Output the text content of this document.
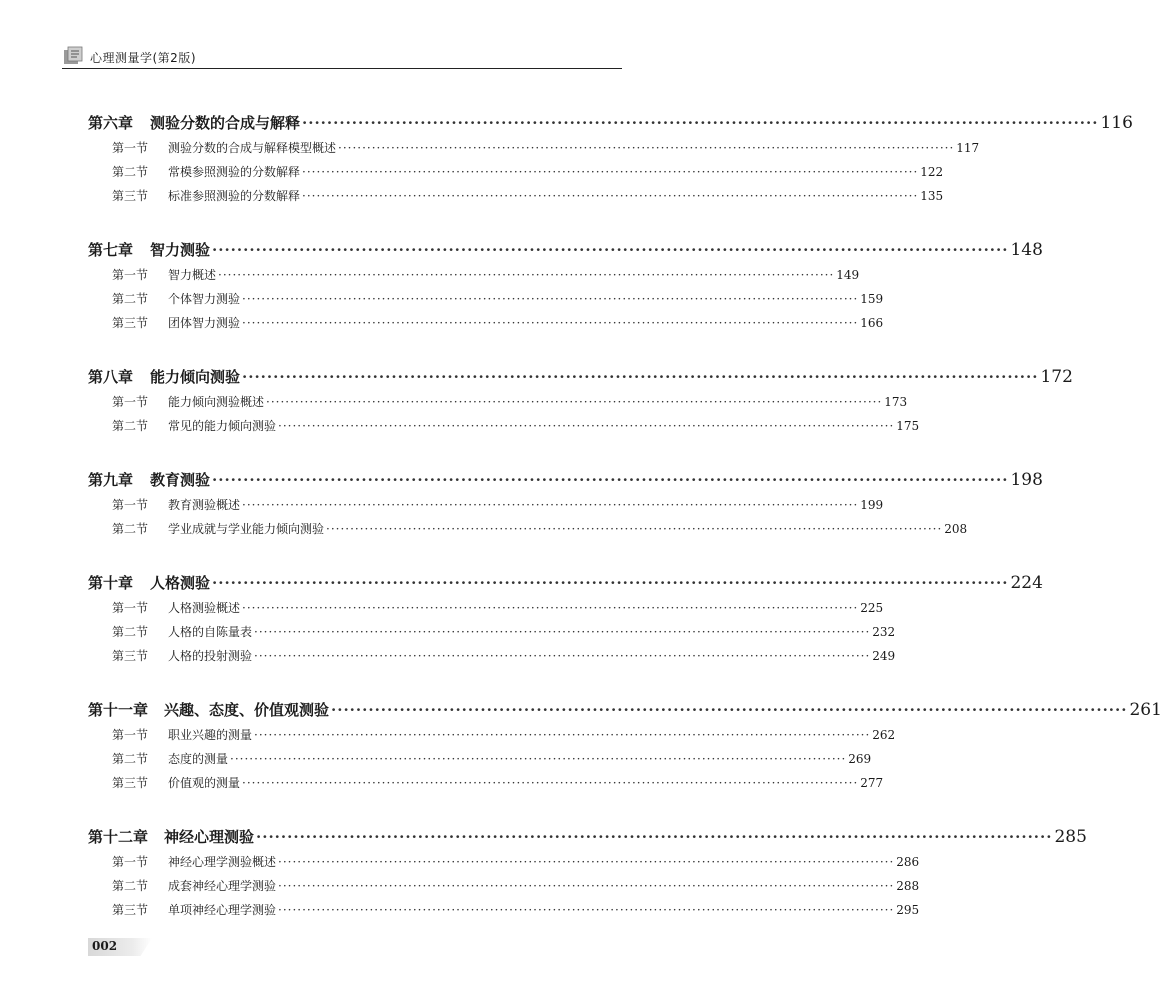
心理测量学(第2版)
第六章	测验分数的合成与解释 ································································································································ 116
第一节	测验分数的合成与解释模型概述 ································································································································ 117
第二节	常模参照测验的分数解释 ································································································································ 122
第三节	标准参照测验的分数解释 ································································································································ 135
第七章	智力测验 ································································································································ 148
第一节	智力概述 ································································································································ 149
第二节	个体智力测验 ································································································································ 159
第三节	团体智力测验 ································································································································ 166
第八章	能力倾向测验 ································································································································ 172
第一节	能力倾向测验概述 ································································································································ 173
第二节	常见的能力倾向测验 ································································································································ 175
第九章	教育测验 ································································································································ 198
第一节	教育测验概述 ································································································································ 199
第二节	学业成就与学业能力倾向测验 ································································································································ 208
第十章	人格测验 ································································································································ 224
第一节	人格测验概述 ································································································································ 225
第二节	人格的自陈量表 ································································································································ 232
第三节	人格的投射测验 ································································································································ 249
第十一章	兴趣、态度、价值观测验 ································································································································ 261
第一节	职业兴趣的测量 ································································································································ 262
第二节	态度的测量 ································································································································ 269
第三节	价值观的测量 ································································································································ 277
第十二章	神经心理测验 ································································································································ 285
第一节	神经心理学测验概述 ································································································································ 286
第二节	成套神经心理学测验 ································································································································ 288
第三节	单项神经心理学测验 ································································································································ 295
002
